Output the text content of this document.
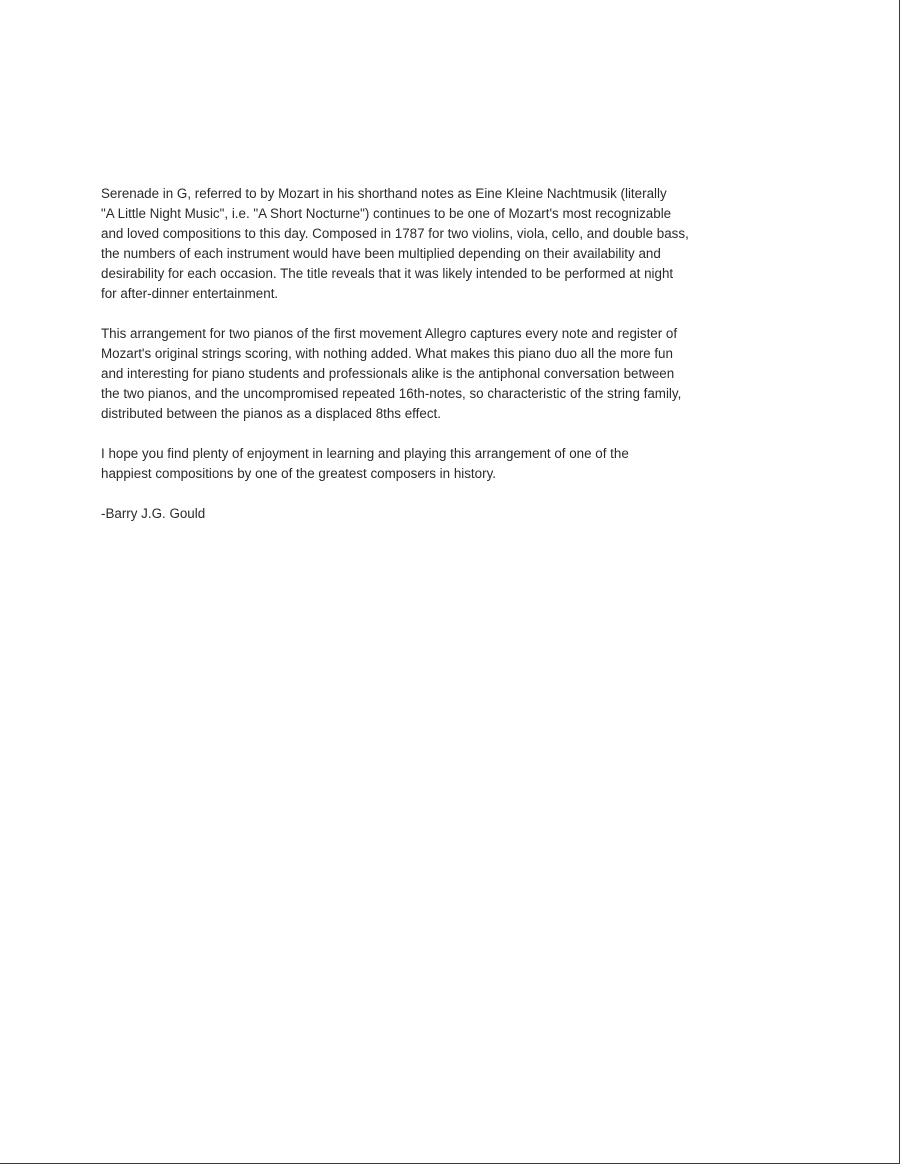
Serenade in G, referred to by Mozart in his shorthand notes as Eine Kleine Nachtmusik (literally
"A Little Night Music", i.e. "A Short Nocturne") continues to be one of Mozart's most recognizable
and loved compositions to this day. Composed in 1787 for two violins, viola, cello, and double bass,
the numbers of each instrument would have been multiplied depending on their availability and
desirability for each occasion. The title reveals that it was likely intended to be performed at night
for after-dinner entertainment.

This arrangement for two pianos of the first movement Allegro captures every note and register of
Mozart's original strings scoring, with nothing added. What makes this piano duo all the more fun
and interesting for piano students and professionals alike is the antiphonal conversation between
the two pianos, and the uncompromised repeated 16th-notes, so characteristic of the string family,
distributed between the pianos as a displaced 8ths effect.

I hope you find plenty of enjoyment in learning and playing this arrangement of one of the
happiest compositions by one of the greatest composers in history.

-Barry J.G. Gould
